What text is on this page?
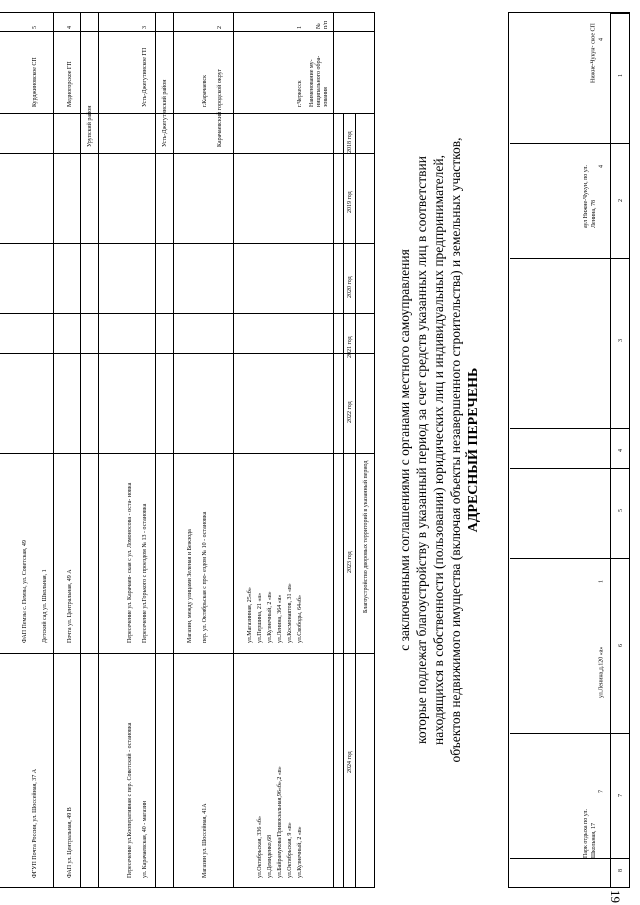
19
1
2
3
4
5
6
7
8
4
Нижне-Чукун- ское СП
4
аул Нижне-Чукун, по ул. Ленина, 78
1
ул.Ленина,д.120 «а»
7
Парк отдыха по ул. Школьная, 17
АДРЕСНЫЙ ПЕРЕЧЕНЬ
объектов недвижимого имущества (включая объекты незавершенного строительства) и земельных участков,
находящихся в собственности (пользовании) юридических лиц и индивидуальных предпринимателей,
которые подлежат благоустройству в указанный период за счет средств указанных лиц в соответствии
с заключенными соглашениями с органами местного самоуправления
№ п/п
Наименование му- ниципального обра- зования
Благоустройство дворовых территорий в указанный период
2018 год
2019 год
2020 год
2021 год
2022 год
2023 год
2024 год
1
г.Черкесск
ул.Свободы, 64«б»
ул.Космонавтов, 31 «в»
ул.Ленина, 364 «а»
ул.Кузнечный, 2 «в»
ул.Першина, 21 «а»
ул.Магазинная, 25«б»
ул.Кузнечный, 2 «в»
ул.Октябрьская, 9 «в»
ул.Байрамукова/Привокзальная,96«б»,2 «в»
ул.Демиденко,68
ул.Октябрьская, 336 «б»
Карачаевский городской округ
2
г.Карачаевск
пер. ул. Октябрьская с про- ездом № 10 - остановка
Магазин, между улицами Зеленая и Бежзода
Магазин ул. Шоссейная, 41А
Усть-Джегутинский район
3
Усть-Джегутинское ГП
Пересечение ул.Горького с проездом № 13 - остановка
Пересечение ул. Карачаев- ская с ул. Ломоносова - оста- новка
ул. Карачаевская, 40 - магазин
Пересечение ул.Кооперативная с пер. Советский - остановка
Урупский район
4
Медногорское ГП
Почта ул. Центральная, 49 А
ФАП ул. Центральная, 49 В
5
Курджиновское СП
Детский сад ул. Школьная, 1
ФАП Пемзы с. Пемзы, ул. Советская, 49
ФГУП Почта России, ул. Шоссейная, 37 А
